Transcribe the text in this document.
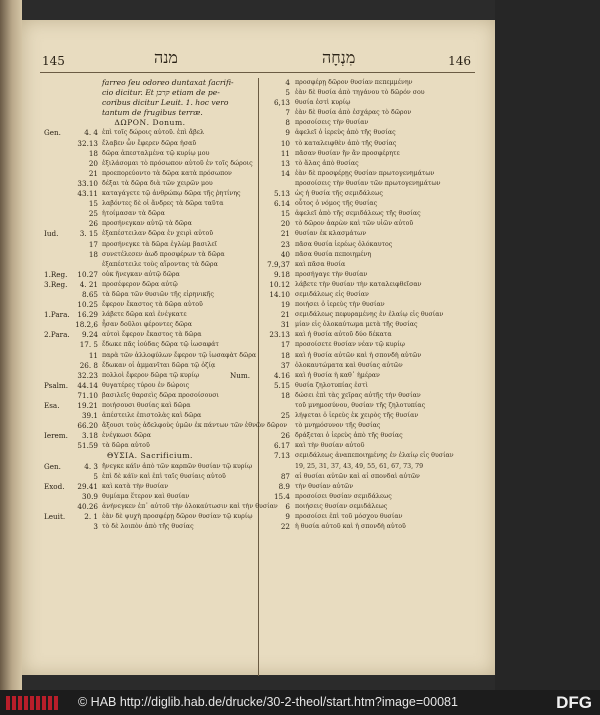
145	מנה	מִנְחָה	146
farreo ſeu odoreo duntaxat ſacrifi-
cio dicitur. Et קרבן etiam de pe-
coribus dicitur Leuit. 1. hoc vero
tantum de frugibus terræ.
ΔΩΡΟΝ. Donum.
Gen.	4. 4 ἐπὶ τοῖς δώροις αὐτοῦ. ἐπὶ ἄβελ
32.13 ἔλαβεν ὧν ἔφερεν δῶρα ἠσαῦ
18 δῶρα ἀπεσταλμένα τῷ κυρίῳ μου
20 ἐξιλάσομαι τὸ πρόσωπον αὐτοῦ ἐν τοῖς δώροις
21 προεπορεύοντο τὰ δῶρα κατὰ πρόσωπον
33.10 δέξαι τὰ δῶρα διὰ τῶν χειρῶν μου
43.11 καταγάγετε τῷ ἀνθρώπῳ δῶρα τῆς ῥητίνης
15 λαβόντες δὲ οἱ ἄνδρες τὰ δῶρα ταῦτα
25 ἡτοίμασαν τὰ δῶρα
26 προσήνεγκαν αὐτῷ τὰ δῶρα
Iud.	3. 15 ἐξαπέστειλαν δῶρα ἐν χειρὶ αὐτοῦ
17 προσήνεγκε τὰ δῶρα ἐγλὼμ βασιλεῖ
18 συνετέλεσεν ἀωδ προσφέρων τὰ δῶρα
ἐξαπέστειλε τοὺς αἴροντας τὰ δῶρα
1.Reg.	10.27 οὐκ ἤνεγκαν αὐτῷ δῶρα
3.Reg.	4. 21 προσέφερον δῶρα αὐτῷ
8.65 τὰ δῶρα τῶν θυσιῶν τῆς εἰρηνικῆς
10.25 ἔφερον ἕκαστος τὰ δῶρα αὐτοῦ
1.Para.	16.29 λάβετε δῶρα καὶ ἐνέγκατε
18.2,6 ἦσαν δοῦλοι φέροντες δῶρα
2.Para.	9.24 αὐτοὶ ἔφερον ἕκαστος τὰ δῶρα
17. 5 ἔδωκε πᾶς ἰούδας δῶρα τῷ ἰωσαφάτ
11 παρὰ τῶν ἀλλοφύλων ἔφερον τῷ ἰωσαφὰτ δῶρα
26. 8 ἔδωκαν οἱ ἀμμανῖται δῶρα τῷ ὀζίᾳ
32.23 πολλοὶ ἔφερον δῶρα τῷ κυρίῳ
Psalm.	44.14 θυγατέρες τύρου ἐν δώροις
71.10 βασιλεῖς θαρσεὶς δῶρα προσοίσουσι
Esa.	19.21 ποιήσουσι θυσίας καὶ δῶρα
39.1 ἀπέστειλε ἐπιστολὰς καὶ δῶρα
66.20 ἄξουσι τοὺς ἀδελφοὺς ὑμῶν ἐκ πάντων τῶν ἐθνῶν δῶρον
Ierem.	3.18 ἐνέγκωσι δῶρα
51.59 τὰ δῶρα αὐτοῦ
ΘΥΣΙΑ. Sacrificium.
Gen.	4. 3 ἤνεγκε κάϊν ἀπὸ τῶν καρπῶν θυσίαν τῷ κυρίῳ
5 ἐπὶ δὲ κάϊν καὶ ἐπὶ ταῖς θυσίαις αὐτοῦ
Exod.	29.41 καὶ κατὰ τὴν θυσίαν
30.9 θυμίαμα ἕτερον καὶ θυσίαν
40.26 ἀνήνεγκεν ἐπ᾽ αὐτοῦ τὴν ὁλοκαύτωσιν καὶ τὴν θυσίαν
Leuit.	2. 1 ἐὰν δὲ ψυχὴ προσφέρῃ δῶρον θυσίαν τῷ κυρίῳ
3 τὸ δὲ λοιπὸν ἀπὸ τῆς θυσίας
4 προσφέρῃ δῶρον θυσίαν πεπεμμένην
5 ἐὰν δὲ θυσία ἀπὸ τηγάνου τὸ δῶρόν σου
6,13 θυσία ἐστὶ κυρίῳ
7 ἐὰν δὲ θυσία ἀπὸ ἐσχάρας τὸ δῶρον
8 προσοίσεις τὴν θυσίαν
9 ἀφελεῖ ὁ ἱερεὺς ἀπὸ τῆς θυσίας
10 τὸ καταλειφθὲν ἀπὸ τῆς θυσίας
11 πᾶσαν θυσίαν ἣν ἂν προσφέρητε
13 τὸ ἅλας ἀπὸ θυσίας
14 ἐὰν δὲ προσφέρῃς θυσίαν πρωτογενημάτων
προσοίσεις τὴν θυσίαν τῶν πρωτογενημάτων
5.13 ὡς ἡ θυσία τῆς σεμιδάλεως
6.14 οὗτος ὁ νόμος τῆς θυσίας
15 ἀφελεῖ ἀπὸ τῆς σεμιδάλεως τῆς θυσίας
20 τὸ δῶρον ἀαρὼν καὶ τῶν υἱῶν αὐτοῦ
21 θυσίαν ἐκ κλασμάτων
23 πᾶσα θυσία ἱερέως ὁλόκαυτος
40 πᾶσα θυσία πεποιημένη
7.9,37 καὶ πᾶσα θυσία
9.18 προσήγαγε τὴν θυσίαν
10.12 λάβετε τὴν θυσίαν τὴν καταλειφθεῖσαν
14.10 σεμιδάλεως εἰς θυσίαν
19 ποιήσει ὁ ἱερεὺς τὴν θυσίαν
21 σεμιδάλεως πεφυραμένης ἐν ἐλαίῳ εἰς θυσίαν
31 μίαν εἰς ὁλοκαύτωμα μετὰ τῆς θυσίας
23.13 καὶ ἡ θυσία αὐτοῦ δύο δέκατα
17 προσοίσετε θυσίαν νέαν τῷ κυρίῳ
18 καὶ ἡ θυσία αὐτῶν καὶ ἡ σπονδὴ αὐτῶν
37 ὁλοκαυτώματα καὶ θυσίας αὐτῶν
Num.	4.16 καὶ ἡ θυσία ἡ καθ᾽ ἡμέραν
5.15 θυσία ζηλοτυπίας ἐστὶ
18 δώσει ἐπὶ τὰς χεῖρας αὐτῆς τὴν θυσίαν
τοῦ μνημοσύνου, θυσίαν τῆς ζηλοτυπίας
25 λήψεται ὁ ἱερεὺς ἐκ χειρὸς τῆς θυσίαν
τὸ μνημόσυνον τῆς θυσίας
26 δράξεται ὁ ἱερεὺς ἀπὸ τῆς θυσίας
6.17 καὶ τὴν θυσίαν αὐτοῦ
7.13 σεμιδάλεως ἀναπεποιημένης ἐν ἐλαίῳ εἰς θυσίαν
19, 25, 31, 37, 43, 49, 55, 61, 67, 73, 79
87 αἱ θυσίαι αὐτῶν καὶ αἱ σπονδαὶ αὐτῶν
8.9 τὴν θυσίαν αὐτῶν
15.4 προσοίσει θυσίαν σεμιδάλεως
6 ποιήσεις θυσίαν σεμιδάλεως
9 προσοίσει ἐπὶ τοῦ μόσχου θυσίαν
22 ἡ θυσία αὐτοῦ καὶ ἡ σπονδὴ αὐτοῦ
© HAB http://diglib.hab.de/drucke/30-2-theol/start.htm?image=00081	DFG
